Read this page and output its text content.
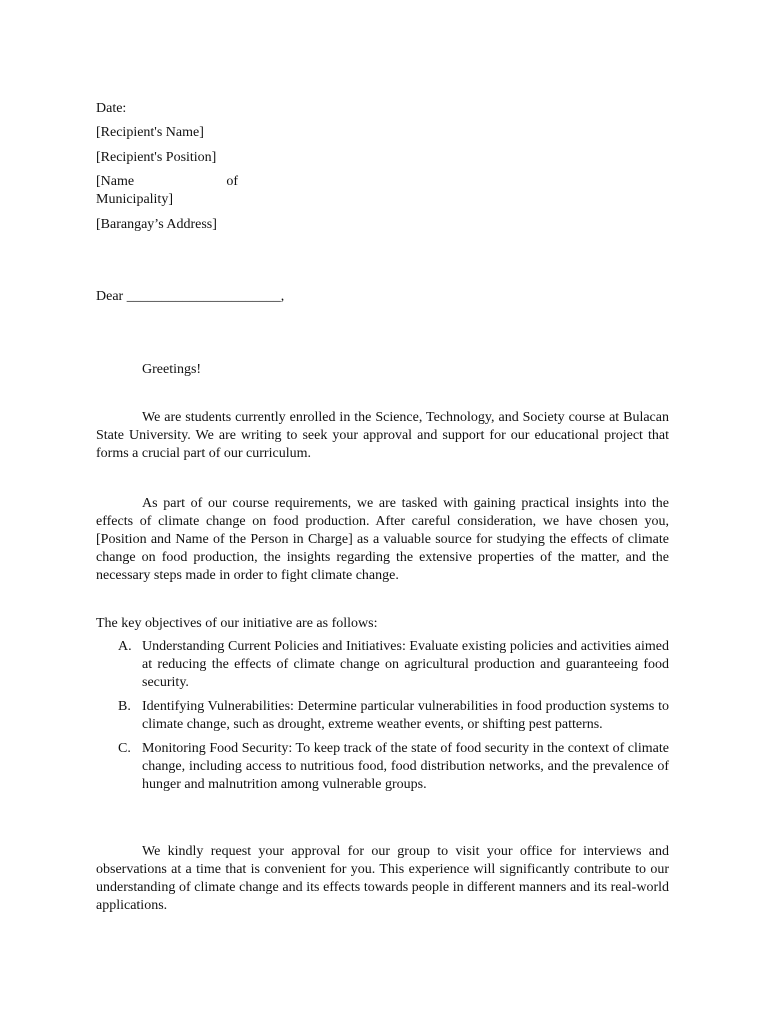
Date:
[Recipient's Name]
[Recipient's Position]
[Name	of
Municipality]
[Barangay’s Address]
Dear ______________________,
Greetings!

We are students currently enrolled in the Science, Technology, and Society course at Bulacan State University. We are writing to seek your approval and support for our educational project that forms a crucial part of our curriculum.

As part of our course requirements, we are tasked with gaining practical insights into the effects of climate change on food production. After careful consideration, we have chosen you, [Position and Name of the Person in Charge] as a valuable source for studying the effects of climate change on food production, the insights regarding the extensive properties of the matter, and the necessary steps made in order to fight climate change.

The key objectives of our initiative are as follows:

A. Understanding Current Policies and Initiatives: Evaluate existing policies and activities aimed at reducing the effects of climate change on agricultural production and guaranteeing food security.
B. Identifying Vulnerabilities: Determine particular vulnerabilities in food production systems to climate change, such as drought, extreme weather events, or shifting pest patterns.
C. Monitoring Food Security: To keep track of the state of food security in the context of climate change, including access to nutritious food, food distribution networks, and the prevalence of hunger and malnutrition among vulnerable groups.

We kindly request your approval for our group to visit your office for interviews and observations at a time that is convenient for you. This experience will significantly contribute to our understanding of climate change and its effects towards people in different manners and its real-world applications.
